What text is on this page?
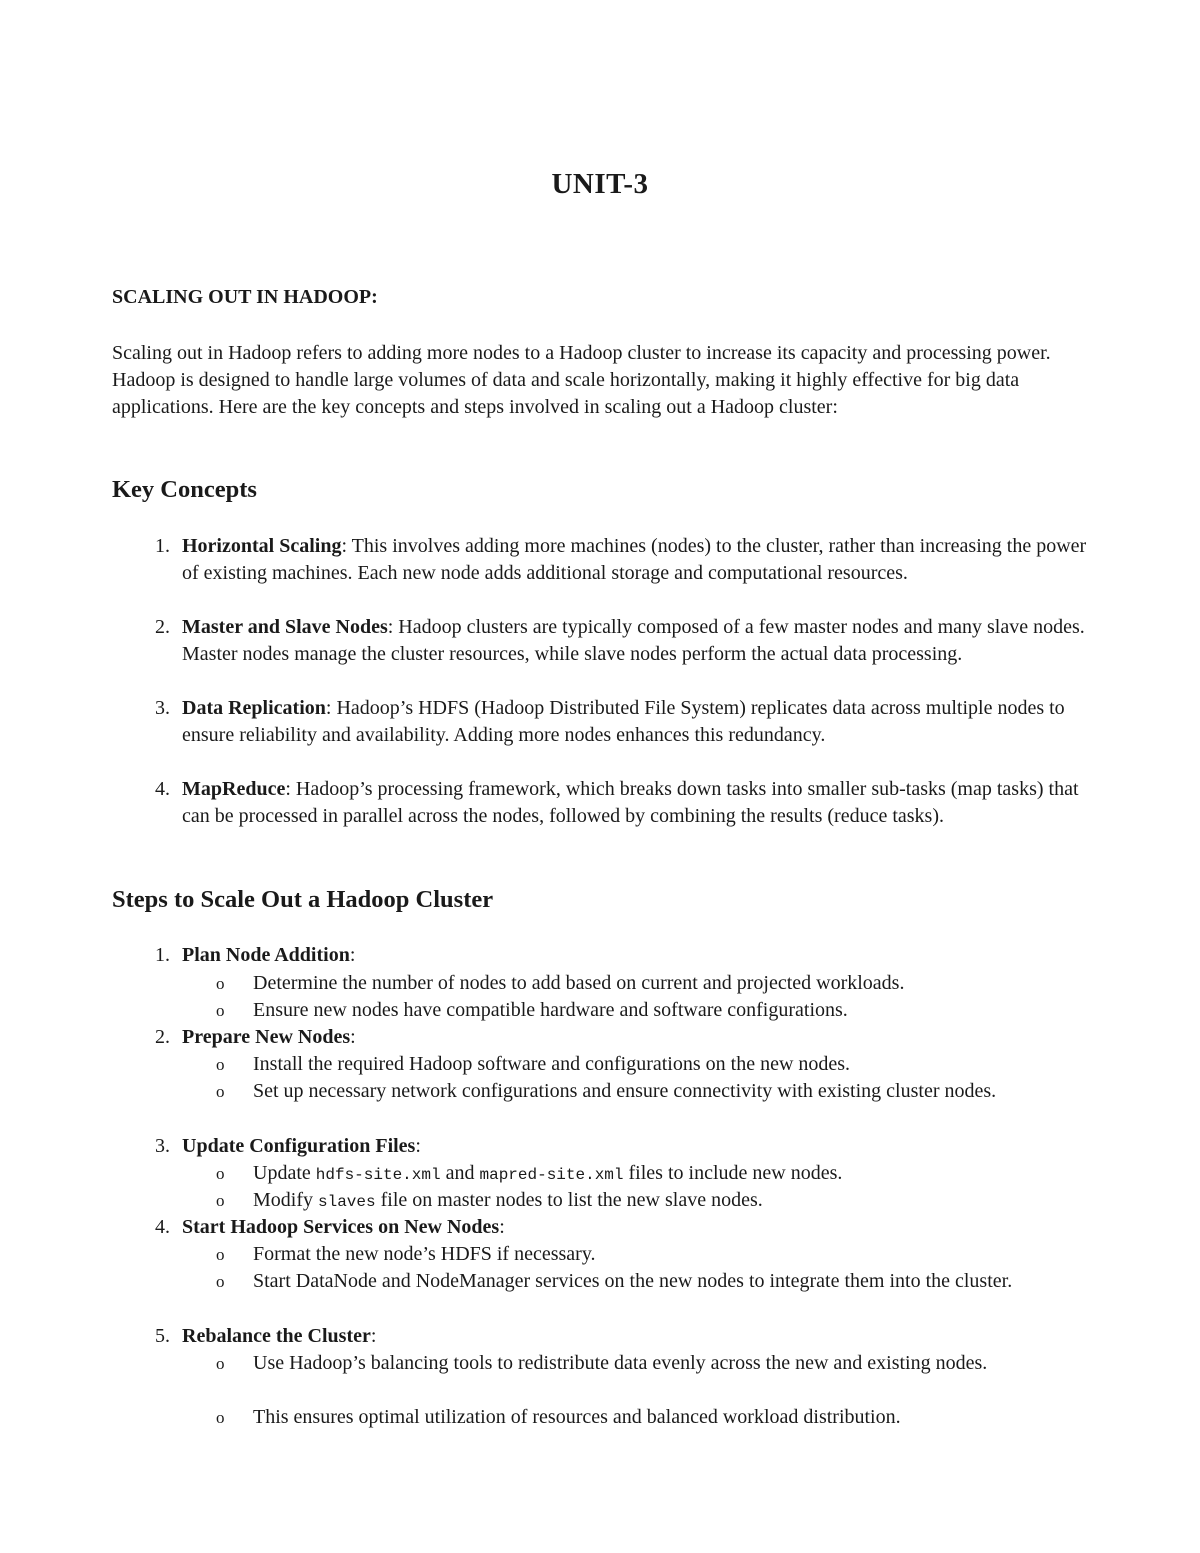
UNIT-3
SCALING OUT IN HADOOP:

Scaling out in Hadoop refers to adding more nodes to a Hadoop cluster to increase its capacity and processing power. Hadoop is designed to handle large volumes of data and scale horizontally, making it highly effective for big data applications. Here are the key concepts and steps involved in scaling out a Hadoop cluster:

Key Concepts
1. Horizontal Scaling: This involves adding more machines (nodes) to the cluster, rather than increasing the power of existing machines. Each new node adds additional storage and computational resources.
2. Master and Slave Nodes: Hadoop clusters are typically composed of a few master nodes and many slave nodes. Master nodes manage the cluster resources, while slave nodes perform the actual data processing.
3. Data Replication: Hadoop’s HDFS (Hadoop Distributed File System) replicates data across multiple nodes to ensure reliability and availability. Adding more nodes enhances this redundancy.
4. MapReduce: Hadoop’s processing framework, which breaks down tasks into smaller sub-tasks (map tasks) that can be processed in parallel across the nodes, followed by combining the results (reduce tasks).
Steps to Scale Out a Hadoop Cluster
1. Plan Node Addition:
o Determine the number of nodes to add based on current and projected workloads.
o Ensure new nodes have compatible hardware and software configurations.
2. Prepare New Nodes:
o Install the required Hadoop software and configurations on the new nodes.
o Set up necessary network configurations and ensure connectivity with existing cluster nodes.
3. Update Configuration Files:
o Update hdfs-site.xml and mapred-site.xml files to include new nodes.
o Modify slaves file on master nodes to list the new slave nodes.
4. Start Hadoop Services on New Nodes:
o Format the new node’s HDFS if necessary.
o Start DataNode and NodeManager services on the new nodes to integrate them into the cluster.
5. Rebalance the Cluster:
o Use Hadoop’s balancing tools to redistribute data evenly across the new and existing nodes.
o This ensures optimal utilization of resources and balanced workload distribution.
